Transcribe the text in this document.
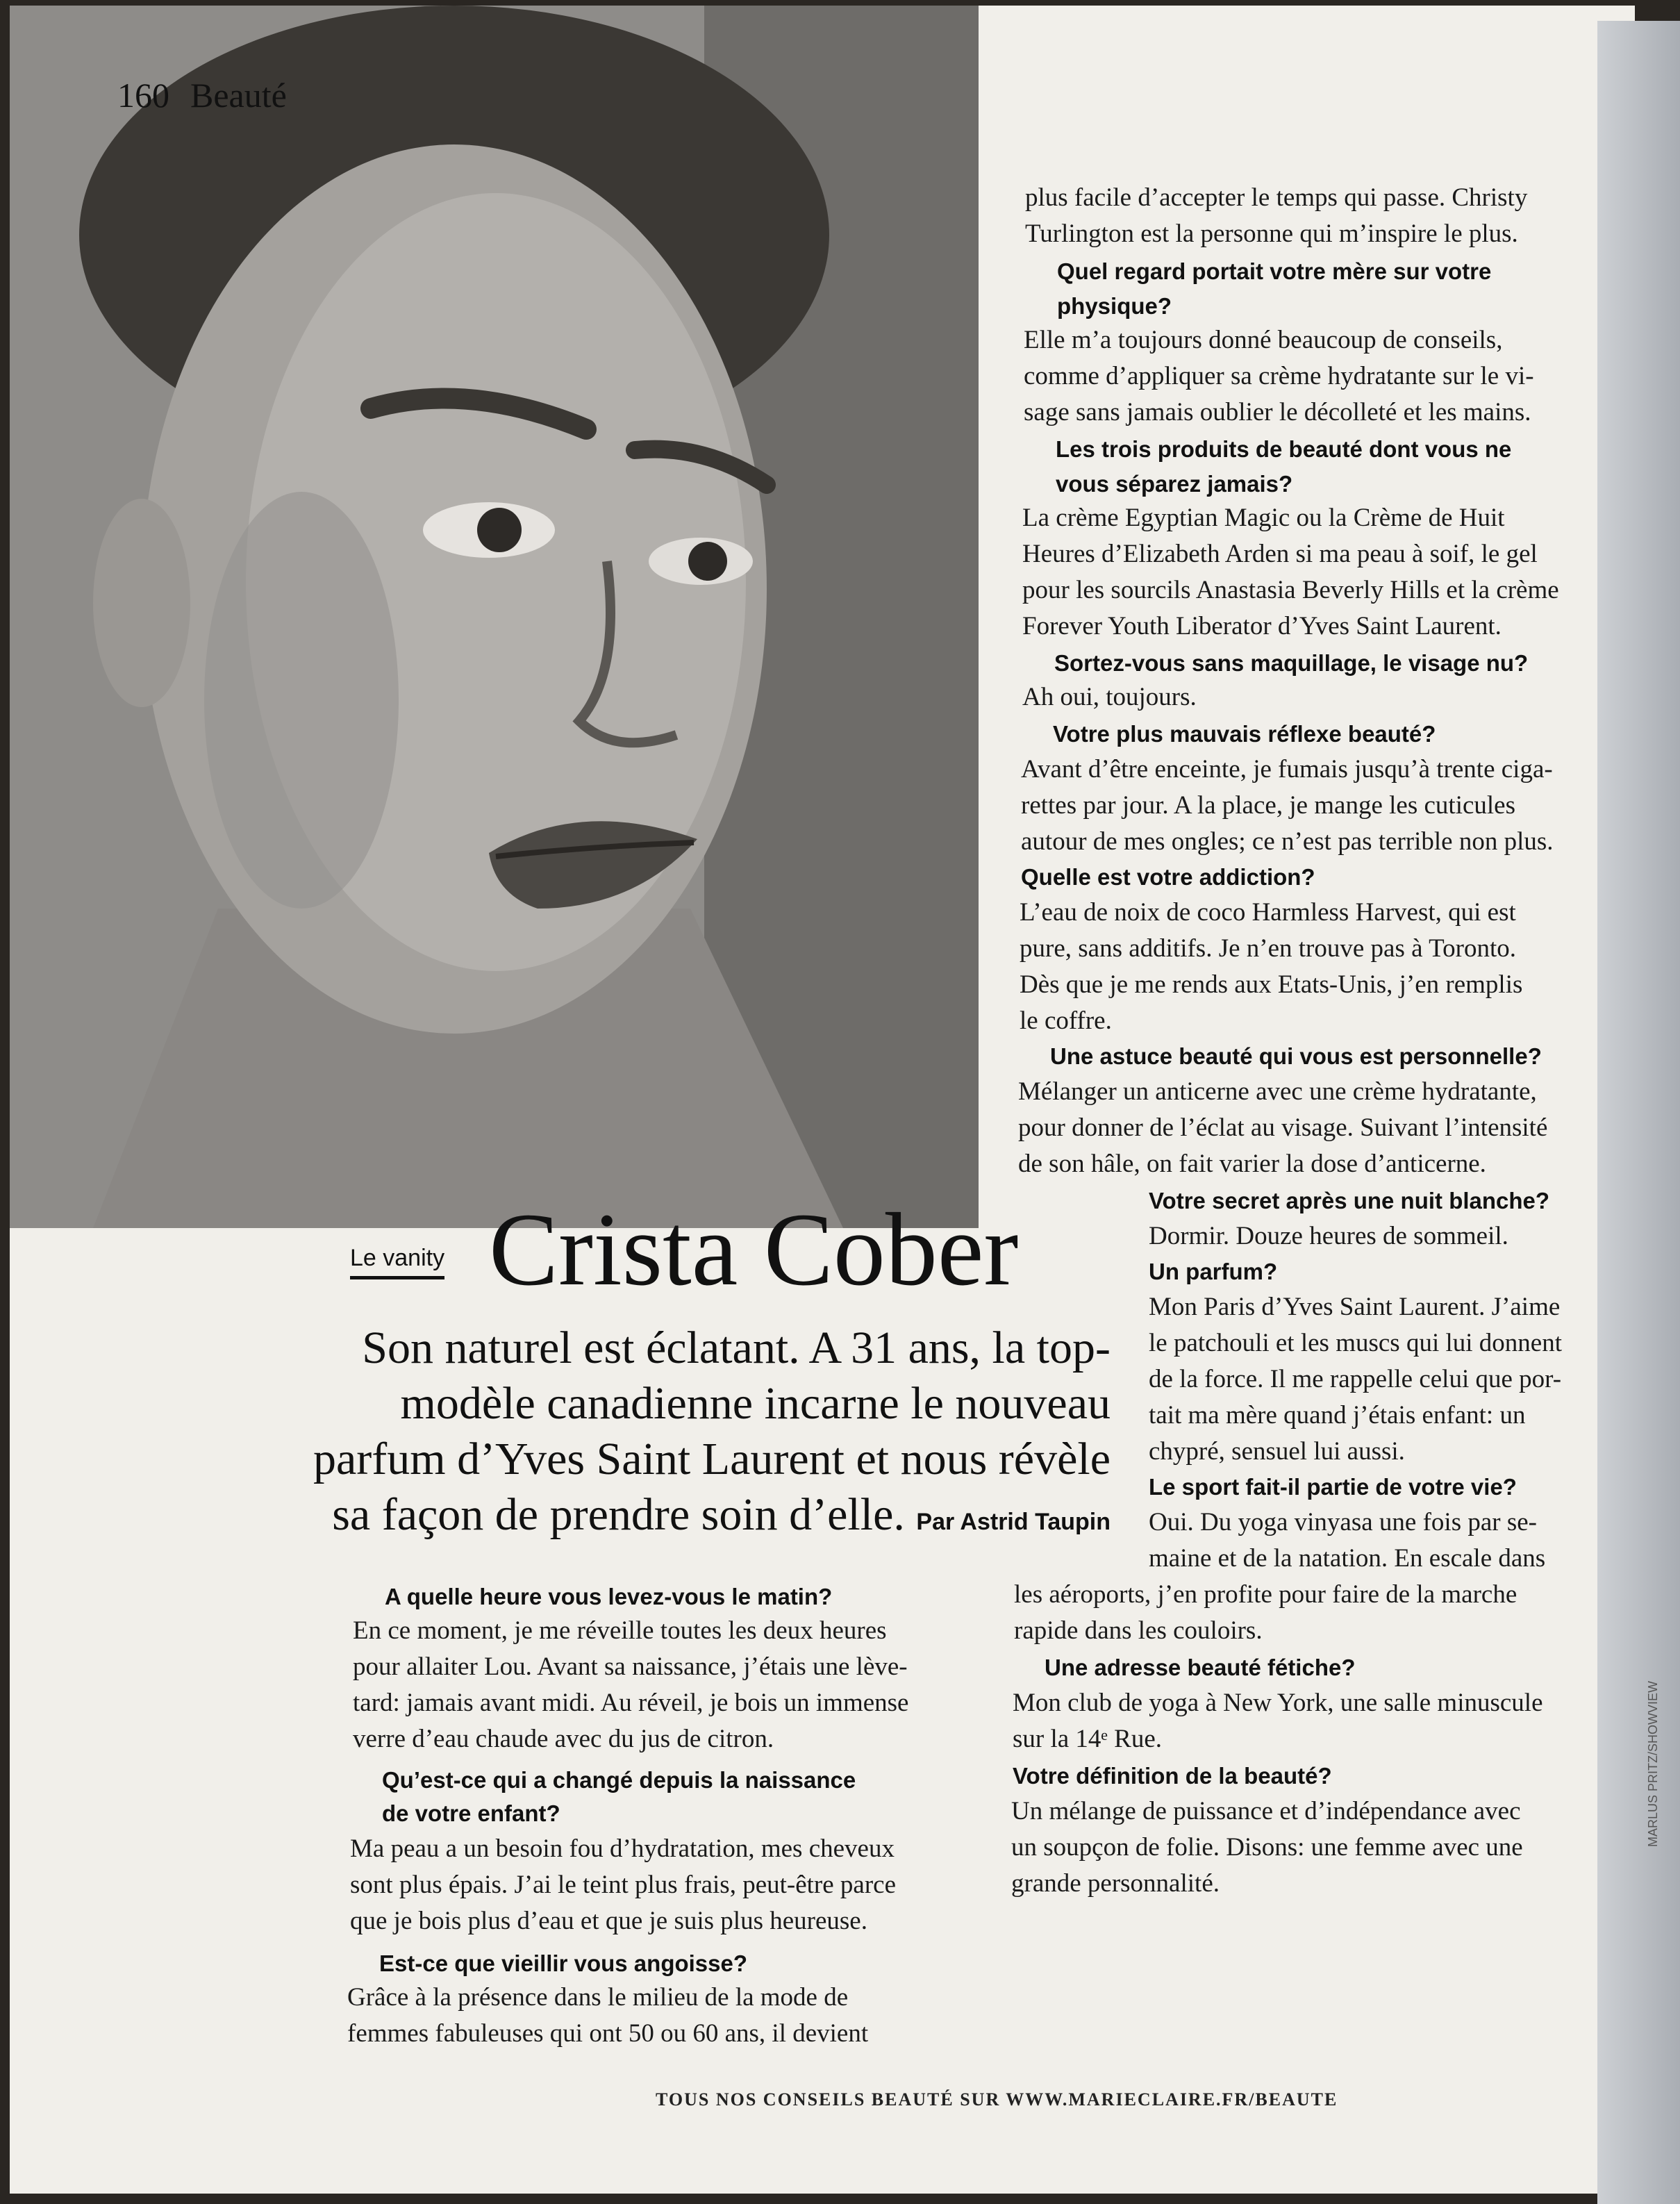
160 Beauté
Le vanity Crista Cober
Son naturel est éclatant. A 31 ans, la top-
modèle canadienne incarne le nouveau
parfum d’Yves Saint Laurent et nous révèle
sa façon de prendre soin d’elle. Par Astrid Taupin
A quelle heure vous levez-vous le matin?
En ce moment, je me réveille toutes les deux heures
pour allaiter Lou. Avant sa naissance, j’étais une lève-
tard: jamais avant midi. Au réveil, je bois un immense
verre d’eau chaude avec du jus de citron.
Qu’est-ce qui a changé depuis la naissance
de votre enfant?
Ma peau a un besoin fou d’hydratation, mes cheveux
sont plus épais. J’ai le teint plus frais, peut-être parce
que je bois plus d’eau et que je suis plus heureuse.
Est-ce que vieillir vous angoisse?
Grâce à la présence dans le milieu de la mode de
femmes fabuleuses qui ont 50 ou 60 ans, il devient
plus facile d’accepter le temps qui passe. Christy
Turlington est la personne qui m’inspire le plus.
Quel regard portait votre mère sur votre
physique?
Elle m’a toujours donné beaucoup de conseils,
comme d’appliquer sa crème hydratante sur le vi-
sage sans jamais oublier le décolleté et les mains.
Les trois produits de beauté dont vous ne
vous séparez jamais?
La crème Egyptian Magic ou la Crème de Huit
Heures d’Elizabeth Arden si ma peau à soif, le gel
pour les sourcils Anastasia Beverly Hills et la crème
Forever Youth Liberator d’Yves Saint Laurent.
Sortez-vous sans maquillage, le visage nu?
Ah oui, toujours.
Votre plus mauvais réflexe beauté?
Avant d’être enceinte, je fumais jusqu’à trente ciga-
rettes par jour. A la place, je mange les cuticules
autour de mes ongles; ce n’est pas terrible non plus.
Quelle est votre addiction?
L’eau de noix de coco Harmless Harvest, qui est
pure, sans additifs. Je n’en trouve pas à Toronto.
Dès que je me rends aux Etats-Unis, j’en remplis
le coffre.
Une astuce beauté qui vous est personnelle?
Mélanger un anticerne avec une crème hydratante,
pour donner de l’éclat au visage. Suivant l’intensité
de son hâle, on fait varier la dose d’anticerne.
Votre secret après une nuit blanche?
Dormir. Douze heures de sommeil.
Un parfum?
Mon Paris d’Yves Saint Laurent. J’aime
le patchouli et les muscs qui lui donnent
de la force. Il me rappelle celui que por-
tait ma mère quand j’étais enfant: un
chypré, sensuel lui aussi.
Le sport fait-il partie de votre vie?
Oui. Du yoga vinyasa une fois par se-
maine et de la natation. En escale dans
les aéroports, j’en profite pour faire de la marche
rapide dans les couloirs.
Une adresse beauté fétiche?
Mon club de yoga à New York, une salle minuscule
sur la 14ᵉ Rue.
Votre définition de la beauté?
Un mélange de puissance et d’indépendance avec
un soupçon de folie. Disons: une femme avec une
grande personnalité.
TOUS NOS CONSEILS BEAUTÉ SUR WWW.MARIECLAIRE.FR/BEAUTE
MARLUS PRITZ/SHOWVIEW
